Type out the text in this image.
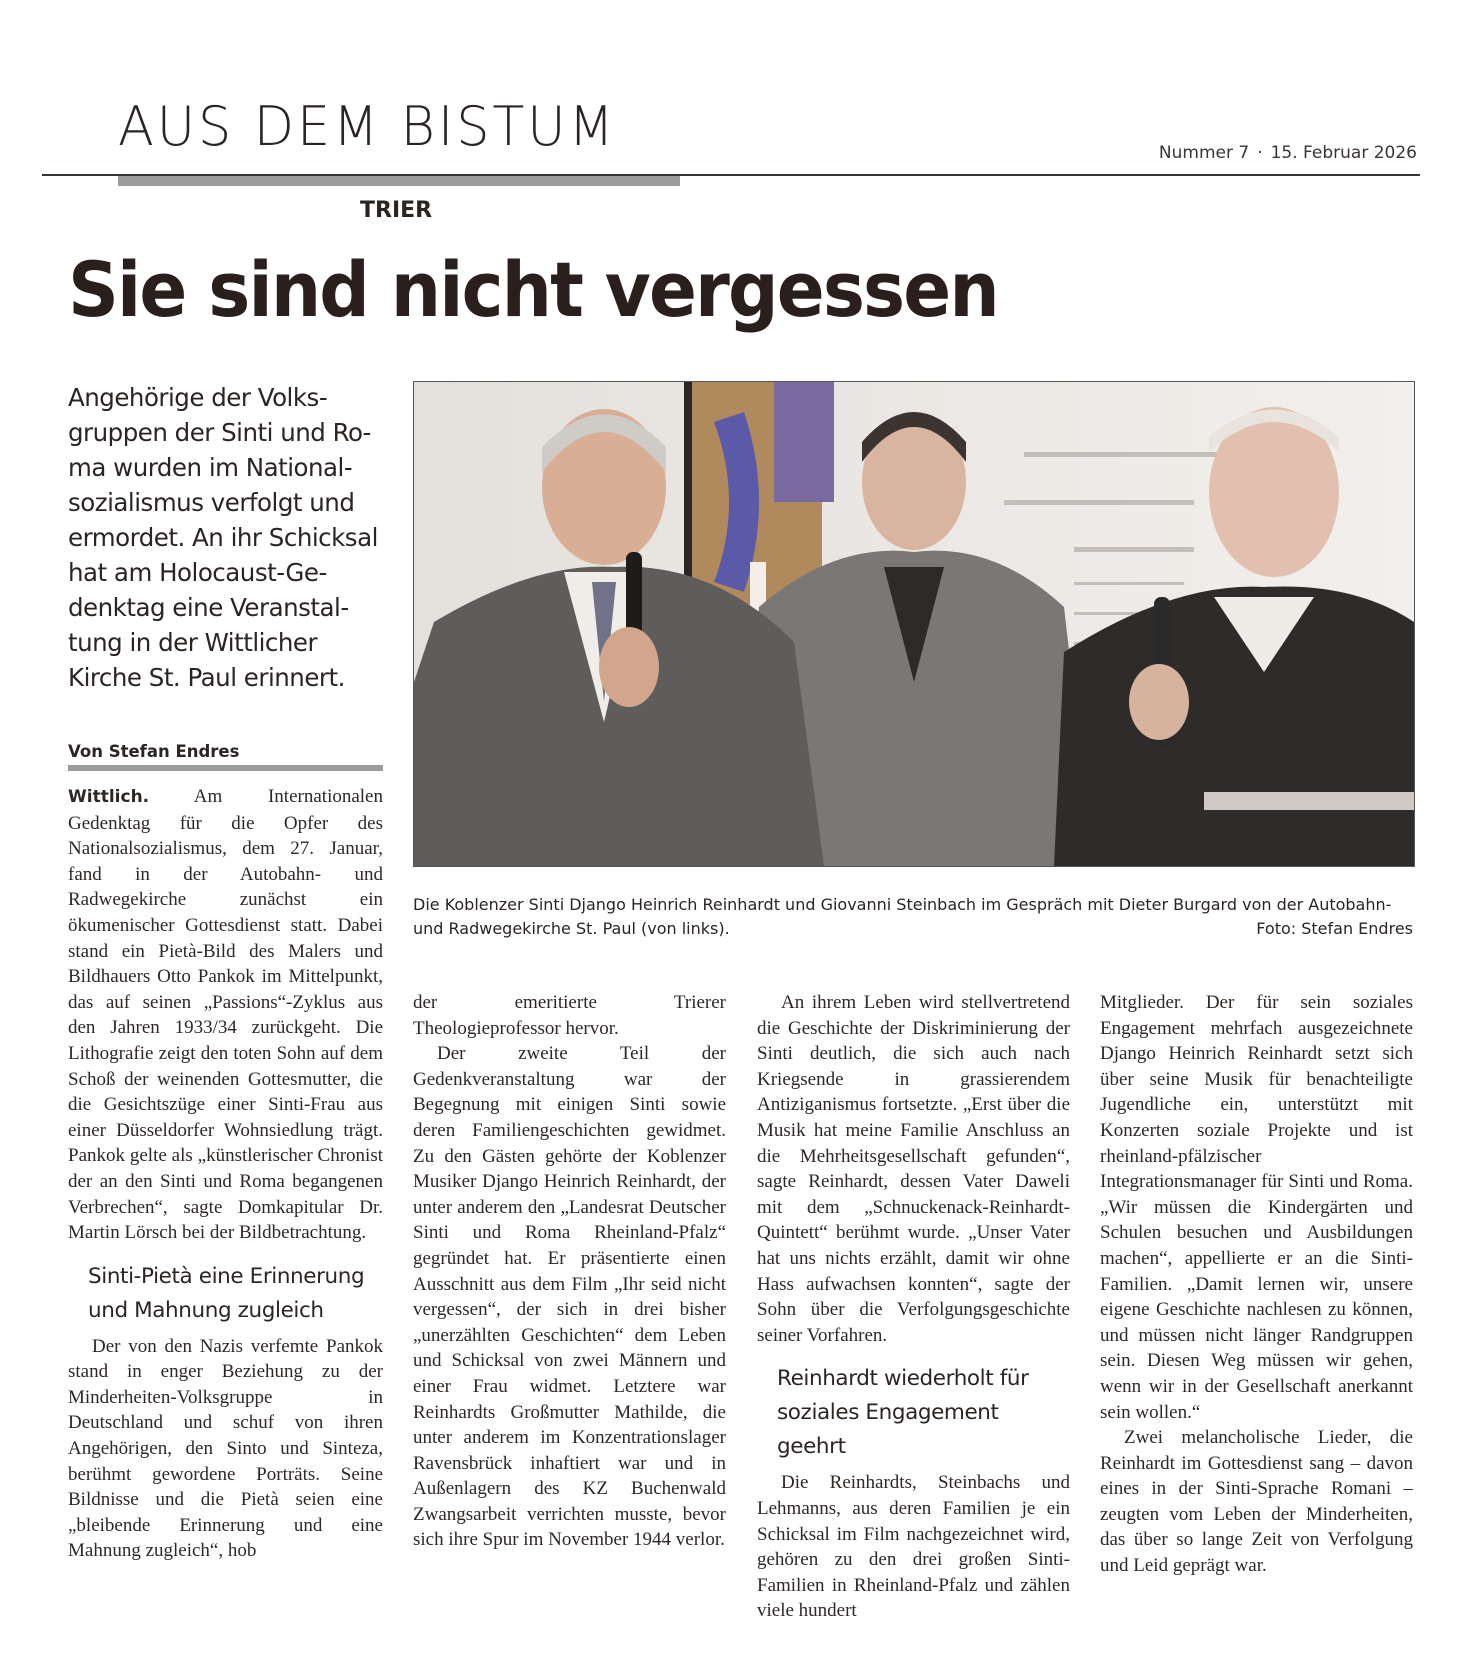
AUS DEM BISTUM	Nummer 7 · 15. Februar 2026
TRIER
Sie sind nicht vergessen
Angehörige der Volksgruppen der Sinti und Roma wurden im Nationalsozialismus verfolgt und ermordet. An ihr Schicksal hat am Holocaust-Gedenktag eine Veranstaltung in der Wittlicher Kirche St. Paul erinnert.
Von Stefan Endres

Wittlich. Am Internationalen Gedenktag für die Opfer des Nationalsozialismus, dem 27. Januar, fand in der Autobahn- und Radwegekirche zunächst ein ökumenischer Gottesdienst statt. Dabei stand ein Pietà-Bild des Malers und Bildhauers Otto Pankok im Mittelpunkt, das auf seinen „Passions“-Zyklus aus den Jahren 1933/34 zurückgeht. Die Lithografie zeigt den toten Sohn auf dem Schoß der weinenden Gottesmutter, die die Gesichtszüge einer Sinti-Frau aus einer Düsseldorfer Wohnsiedlung trägt. Pankok gelte als „künstlerischer Chronist der an den Sinti und Roma begangenen Verbrechen“, sagte Domkapitular Dr. Martin Lörsch bei der Bildbetrachtung.

Sinti-Pietà eine Erinnerung und Mahnung zugleich

Der von den Nazis verfemte Pankok stand in enger Beziehung zu der Minderheiten-Volksgruppe in Deutschland und schuf von ihren Angehörigen, den Sinto und Sinteza, berühmt gewordene Porträts. Seine Bildnisse und die Pietà seien eine „bleibende Erinnerung und eine Mahnung zugleich“, hob

Die Koblenzer Sinti Django Heinrich Reinhardt und Giovanni Steinbach im Gespräch mit Dieter Burgard von der Autobahn- und Radwegekirche St. Paul (von links).	Foto: Stefan Endres

der emeritierte Trierer Theologieprofessor hervor.

Der zweite Teil der Gedenkveranstaltung war der Begegnung mit einigen Sinti sowie deren Familiengeschichten gewidmet. Zu den Gästen gehörte der Koblenzer Musiker Django Heinrich Reinhardt, der unter anderem den „Landesrat Deutscher Sinti und Roma Rheinland-Pfalz“ gegründet hat. Er präsentierte einen Ausschnitt aus dem Film „Ihr seid nicht vergessen“, der sich in drei bisher „unerzählten Geschichten“ dem Leben und Schicksal von zwei Männern und einer Frau widmet. Letztere war Reinhardts Großmutter Mathilde, die unter anderem im Konzentrationslager Ravensbrück inhaftiert war und in Außenlagern des KZ Buchenwald Zwangsarbeit verrichten musste, bevor sich ihre Spur im November 1944 verlor.

An ihrem Leben wird stellvertretend die Geschichte der Diskriminierung der Sinti deutlich, die sich auch nach Kriegsende in grassierendem Antiziganismus fortsetzte. „Erst über die Musik hat meine Familie Anschluss an die Mehrheitsgesellschaft gefunden“, sagte Reinhardt, dessen Vater Daweli mit dem „Schnuckenack-Reinhardt-Quintett“ berühmt wurde. „Unser Vater hat uns nichts erzählt, damit wir ohne Hass aufwachsen konnten“, sagte der Sohn über die Verfolgungsgeschichte seiner Vorfahren.

Reinhardt wiederholt für soziales Engagement geehrt

Die Reinhardts, Steinbachs und Lehmanns, aus deren Familien je ein Schicksal im Film nachgezeichnet wird, gehören zu den drei großen Sinti-Familien in Rheinland-Pfalz und zählen viele hundert

Mitglieder. Der für sein soziales Engagement mehrfach ausgezeichnete Django Heinrich Reinhardt setzt sich über seine Musik für benachteiligte Jugendliche ein, unterstützt mit Konzerten soziale Projekte und ist rheinland-pfälzischer Integrationsmanager für Sinti und Roma. „Wir müssen die Kindergärten und Schulen besuchen und Ausbildungen machen“, appellierte er an die Sinti-Familien. „Damit lernen wir, unsere eigene Geschichte nachlesen zu können, und müssen nicht länger Randgruppen sein. Diesen Weg müssen wir gehen, wenn wir in der Gesellschaft anerkannt sein wollen.“

Zwei melancholische Lieder, die Reinhardt im Gottesdienst sang – davon eines in der Sinti-Sprache Romani – zeugten vom Leben der Minderheiten, das über so lange Zeit von Verfolgung und Leid geprägt war.
